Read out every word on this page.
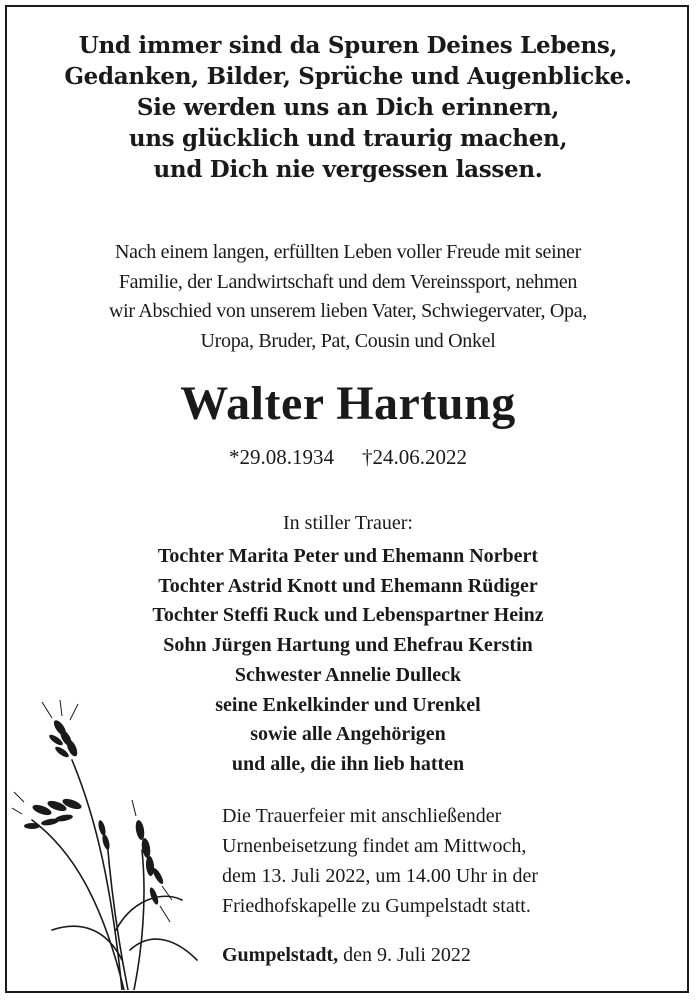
Und immer sind da Spuren Deines Lebens,
Gedanken, Bilder, Sprüche und Augenblicke.
Sie werden uns an Dich erinnern,
uns glücklich und traurig machen,
und Dich nie vergessen lassen.
Nach einem langen, erfüllten Leben voller Freude mit seiner
Familie, der Landwirtschaft und dem Vereinssport, nehmen
wir Abschied von unserem lieben Vater, Schwiegervater, Opa,
Uropa, Bruder, Pat, Cousin und Onkel
Walter Hartung
*29.08.1934 †24.06.2022
In stiller Trauer:
Tochter Marita Peter und Ehemann Norbert
Tochter Astrid Knott und Ehemann Rüdiger
Tochter Steffi Ruck und Lebenspartner Heinz
Sohn Jürgen Hartung und Ehefrau Kerstin
Schwester Annelie Dulleck
seine Enkelkinder und Urenkel
sowie alle Angehörigen
und alle, die ihn lieb hatten
Die Trauerfeier mit anschließender
Urnenbeisetzung findet am Mittwoch,
dem 13. Juli 2022, um 14.00 Uhr in der
Friedhofskapelle zu Gumpelstadt statt.
Gumpelstadt, den 9. Juli 2022
